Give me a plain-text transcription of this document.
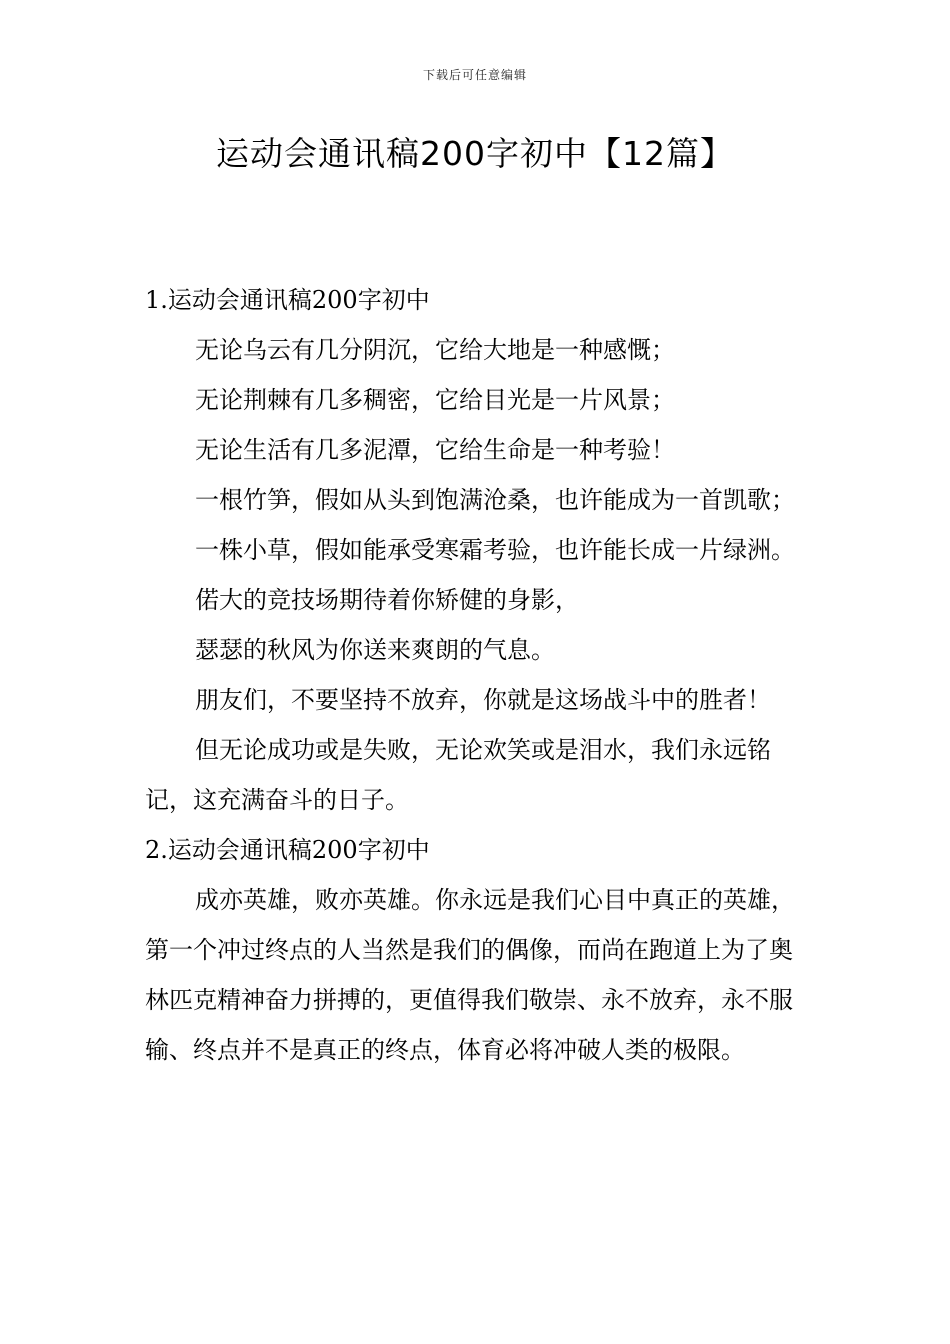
下载后可任意编辑
运动会通讯稿200字初中【12篇】

1.运动会通讯稿200字初中

无论乌云有几分阴沉，它给大地是一种感慨；

无论荆棘有几多稠密，它给目光是一片风景；

无论生活有几多泥潭，它给生命是一种考验！

一根竹笋，假如从头到饱满沧桑，也许能成为一首凯歌；

一株小草，假如能承受寒霜考验，也许能长成一片绿洲。

偌大的竞技场期待着你矫健的身影，

瑟瑟的秋风为你送来爽朗的气息。

朋友们，不要坚持不放弃，你就是这场战斗中的胜者！

但无论成功或是失败，无论欢笑或是泪水，我们永远铭记，这充满奋斗的日子。

2.运动会通讯稿200字初中

成亦英雄，败亦英雄。你永远是我们心目中真正的英雄，第一个冲过终点的人当然是我们的偶像，而尚在跑道上为了奥林匹克精神奋力拼搏的，更值得我们敬崇、永不放弃，永不服输、终点并不是真正的终点，体育必将冲破人类的极限。
